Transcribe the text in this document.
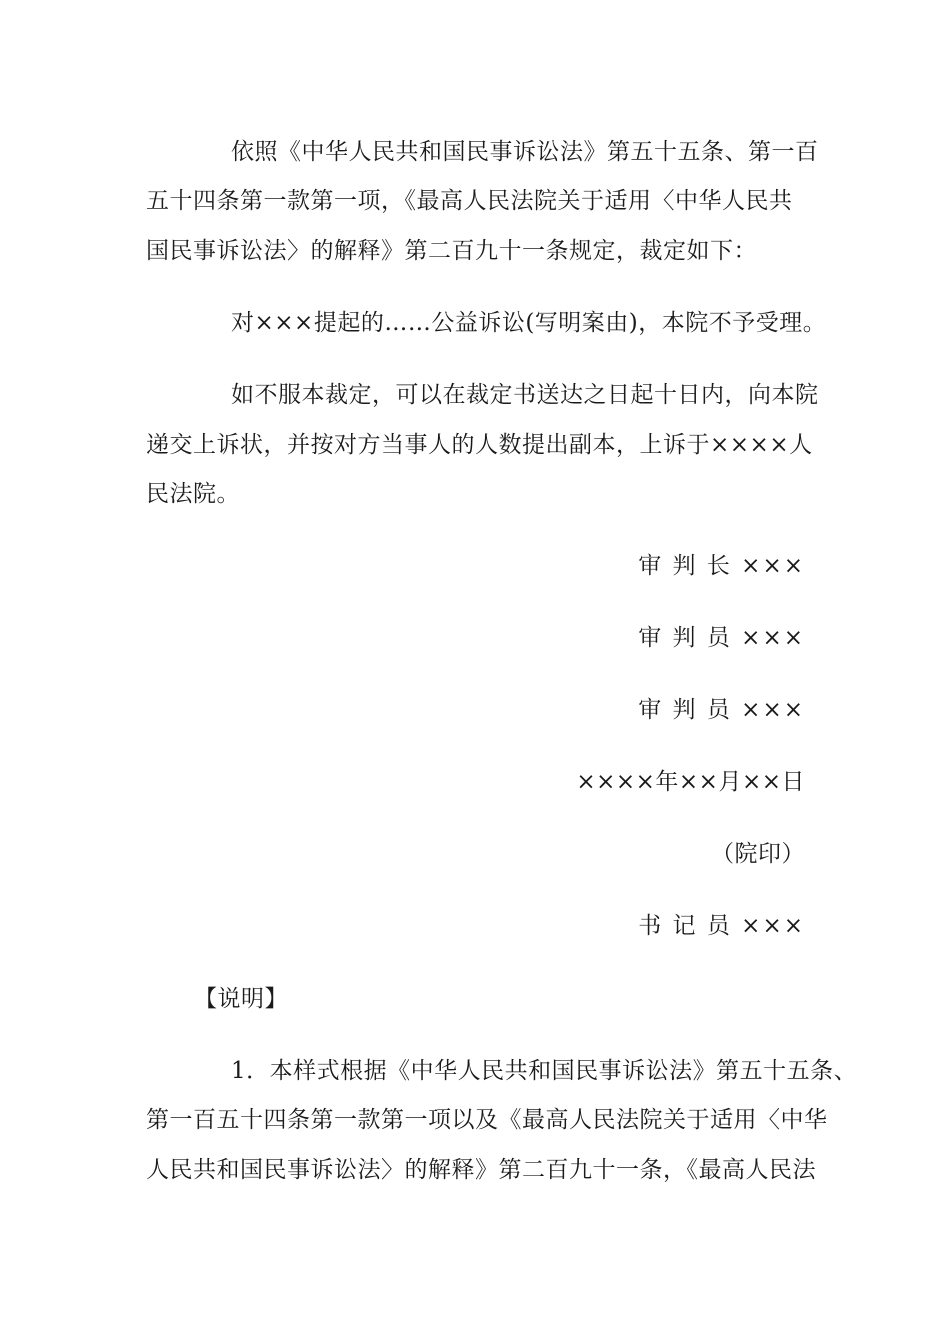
依照《中华人民共和国民事诉讼法》第五十五条、第一百
五十四条第一款第一项，《最高人民法院关于适用〈中华人民共
国民事诉讼法〉的解释》第二百九十一条规定，裁定如下：
对×××提起的……公益诉讼(写明案由)，本院不予受理。
如不服本裁定，可以在裁定书送达之日起十日内，向本院
递交上诉状，并按对方当事人的人数提出副本，上诉于××××人
民法院。
审 判 长 ×××
审 判 员 ×××
审 判 员 ×××
××××年××月××日
（院印）
书 记 员 ×××
【说明】
1．本样式根据《中华人民共和国民事诉讼法》第五十五条、
第一百五十四条第一款第一项以及《最高人民法院关于适用〈中华
人民共和国民事诉讼法〉的解释》第二百九十一条，《最高人民法
